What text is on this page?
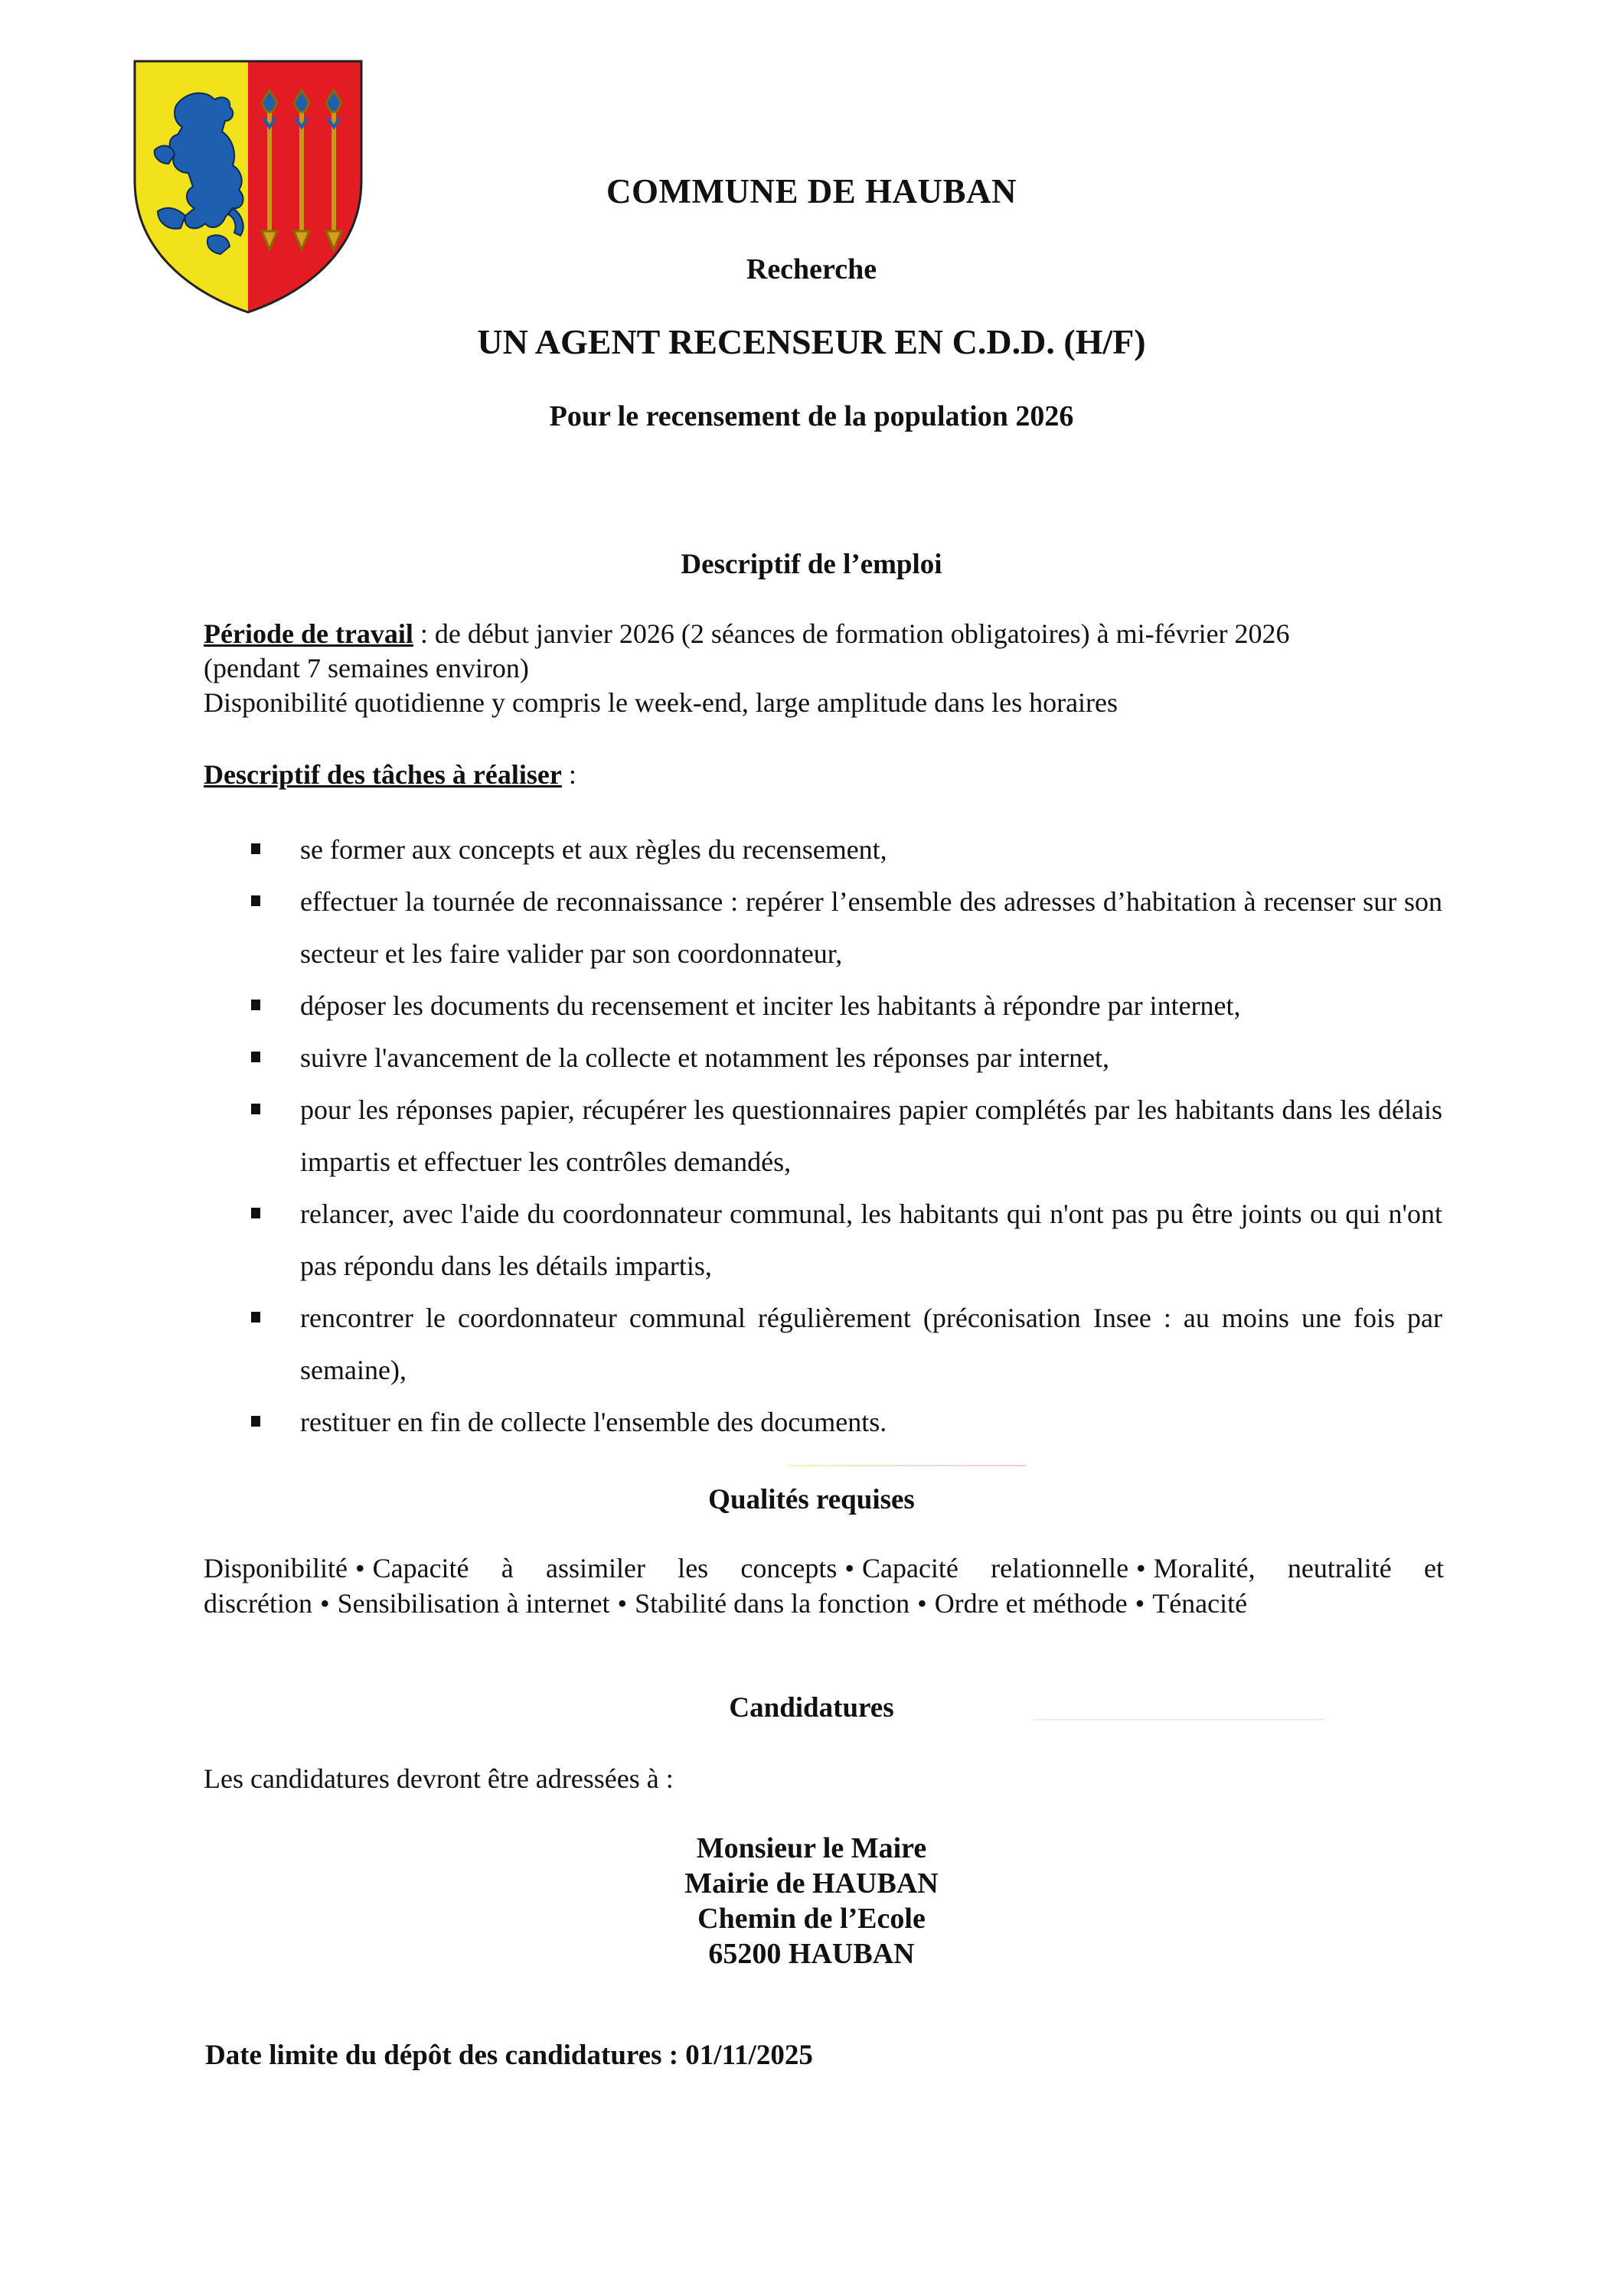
COMMUNE DE HAUBAN
Recherche
UN AGENT RECENSEUR EN C.D.D. (H/F)
Pour le recensement de la population 2026
Descriptif de l’emploi
Période de travail : de début janvier 2026 (2 séances de formation obligatoires) à mi-février 2026
(pendant 7 semaines environ)
Disponibilité quotidienne y compris le week-end, large amplitude dans les horaires
Descriptif des tâches à réaliser :
se former aux concepts et aux règles du recensement,
effectuer la tournée de reconnaissance : repérer l’ensemble des adresses d’habitation à recenser sur son secteur et les faire valider par son coordonnateur,
déposer les documents du recensement et inciter les habitants à répondre par internet,
suivre l'avancement de la collecte et notamment les réponses par internet,
pour les réponses papier, récupérer les questionnaires papier complétés par les habitants dans les délais impartis et effectuer les contrôles demandés,
relancer, avec l'aide du coordonnateur communal, les habitants qui n'ont pas pu être joints ou qui n'ont pas répondu dans les détails impartis,
rencontrer le coordonnateur communal régulièrement (préconisation Insee : au moins une fois par semaine),
restituer en fin de collecte l'ensemble des documents.
Qualités requises
Disponibilité • Capacité à assimiler les concepts • Capacité relationnelle • Moralité, neutralité et discrétion • Sensibilisation à internet • Stabilité dans la fonction • Ordre et méthode • Ténacité
Candidatures
Les candidatures devront être adressées à :
Monsieur le Maire
Mairie de HAUBAN
Chemin de l’Ecole
65200 HAUBAN
Date limite du dépôt des candidatures : 01/11/2025
